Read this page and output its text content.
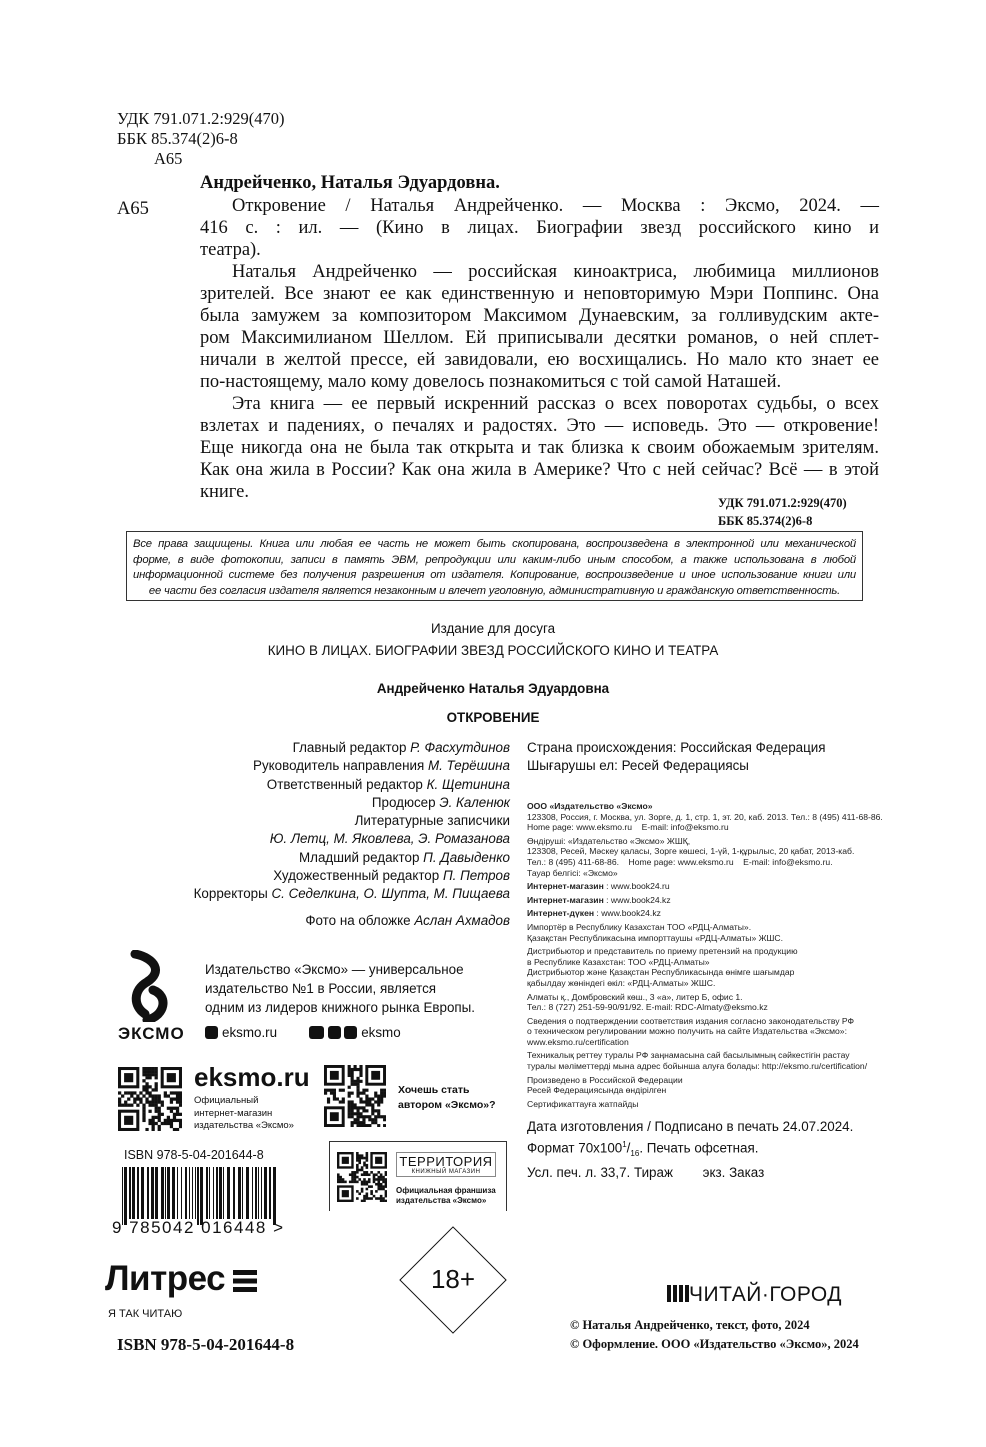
УДК 791.071.2:929(470)
ББК 85.374(2)6-8
А65
А65
Андрейченко, Наталья Эдуардовна.
Откровение / Наталья Андрейченко. — Москва : Эксмо, 2024. —
416 с. : ил. — (Кино в лицах. Биографии звезд российского кино и
театра).
Наталья Андрейченко — российская киноактриса, любимица миллионов
зрителей. Все знают ее как единственную и неповторимую Мэри Поппинс. Она
была замужем за композитором Максимом Дунаевским, за голливудским акте-
ром Максимилианом Шеллом. Ей приписывали десятки романов, о ней сплет-
ничали в желтой прессе, ей завидовали, ею восхищались. Но мало кто знает ее
по-настоящему, мало кому довелось познакомиться с той самой Наташей.
Эта книга — ее первый искренний рассказ о всех поворотах судьбы, о всех
взлетах и падениях, о печалях и радостях. Это — исповедь. Это — откровение!
Еще никогда она не была так открыта и так близка к своим обожаемым зрителям.
Как она жила в России? Как она жила в Америке? Что с ней сейчас? Всё — в этой
книге.
УДК 791.071.2:929(470)
ББК 85.374(2)6-8
Все права защищены. Книга или любая ее часть не может быть скопирована, воспроизведена в электронной или механической
форме, в виде фотокопии, записи в память ЭВМ, репродукции или каким-либо иным способом, а также использована в любой
информационной системе без получения разрешения от издателя. Копирование, воспроизведение и иное использование книги или
ее части без согласия издателя является незаконным и влечет уголовную, административную и гражданскую ответственность.
Издание для досуга
КИНО В ЛИЦАХ. БИОГРАФИИ ЗВЕЗД РОССИЙСКОГО КИНО И ТЕАТРА
Андрейченко Наталья Эдуардовна
ОТКРОВЕНИЕ
Главный редактор Р. Фасхутдинов
Руководитель направления М. Терёшина
Ответственный редактор К. Щетинина
Продюсер Э. Каленюк
Литературные записчики
Ю. Летц, М. Яковлева, Э. Ромазанова
Младший редактор П. Давыденко
Художественный редактор П. Петров
Корректоры С. Седелкина, О. Шупта, М. Пищаева
Фото на обложке Аслан Ахмадов
Страна происхождения: Российская Федерация
Шығарушы ел: Ресей Федерациясы

ООО «Издательство «Эксмо»
123308, Россия, г. Москва, ул. Зорге, д. 1, стр. 1, эт. 20, каб. 2013. Тел.: 8 (495) 411-68-86.
Home page: www.eksmo.ru    E-mail: info@eksmo.ru

Өндіруші: «Издательство «Эксмо» ЖШҚ,
123308, Ресей, Мәскеу қаласы, Зорге көшесі, 1-үй, 1-құрылыс, 20 қабат, 2013-каб.
Тел.: 8 (495) 411-68-86.    Home page: www.eksmo.ru    E-mail: info@eksmo.ru.
Тауар белгісі: «Эксмо»

Интернет-магазин : www.book24.ru

Интернет-магазин : www.book24.kz

Интернет-дүкен : www.book24.kz

Импортёр в Республику Казахстан ТОО «РДЦ-Алматы».
Қазақстан Республикасына импорттаушы «РДЦ-Алматы» ЖШС.

Дистрибьютор и представитель по приему претензий на продукцию
в Республике Казахстан: ТОО «РДЦ-Алматы»
Дистрибьютор және Қазақстан Республикасында өнімге шағымдар
қабылдау жөніндегі өкіл: «РДЦ-Алматы» ЖШС.

Алматы қ., Домбровский көш., 3 «а», литер Б, офис 1.
Тел.: 8 (727) 251-59-90/91/92. E-mail: RDC-Almaty@eksmo.kz

Сведения о подтверждении соответствия издания согласно законодательству РФ
о техническом регулировании можно получить на сайте Издательства «Эксмо»:
www.eksmo.ru/certification

Техникалық реттеу туралы РФ заңнамасына сай басылымның сәйкестігін растау
туралы мәліметтерді мына адрес бойынша алуға болады: http://eksmo.ru/certification/

Произведено в Российской Федерации
Ресей Федерациясында өндірілген

Сертификаттауға жатпайды

Дата изготовления / Подписано в печать 24.07.2024.
Формат $70x100^1/_{16}$. Печать офсетная.
Усл. печ. л. 33,7. Тираж        экз. Заказ
ЭКСМО
Издательство «Эксмо» — универсальное
издательство №1 в России, является
одним из лидеров книжного рынка Европы.
eksmo.ru	eksmo
eksmo.ru
Официальный
интернет-магазин
издательства «Эксмо»
Хочешь стать
автором «Эксмо»?
ТЕРРИТОРИЯ
КНИЖНЫЙ МАГАЗИН
Официальная франшиза
издательства «Эксмо»
ISBN 978-5-04-201644-8
9 785042 016448 >
Литрес
Я ТАК ЧИТАЮ
18+
ЧИТАЙ·ГОРОД
ISBN 978-5-04-201644-8
© Наталья Андрейченко, текст, фото, 2024
© Оформление. ООО «Издательство «Эксмо», 2024
